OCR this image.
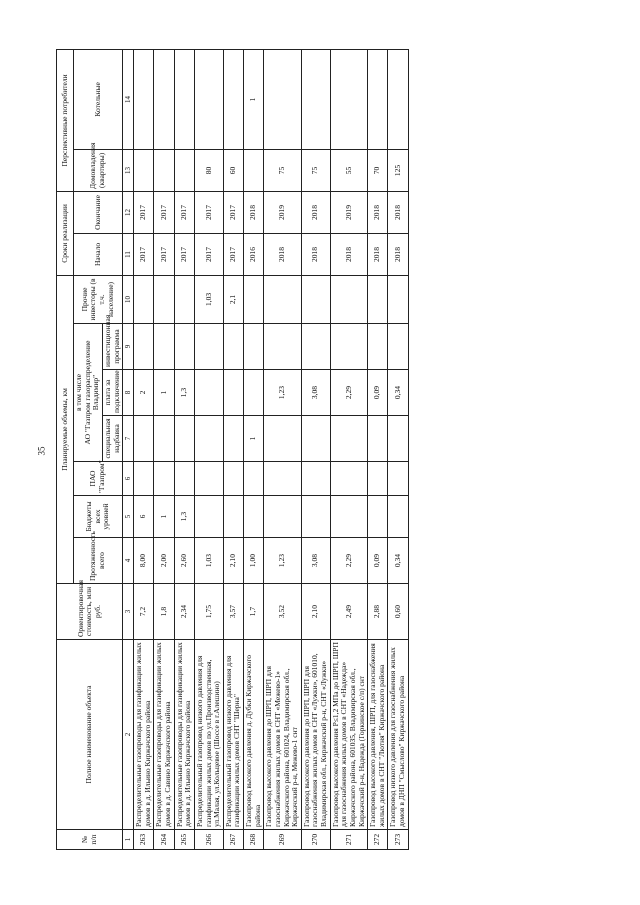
35
№ п/п	Полное наименование объекта	Ориентировочная стоимость, млн руб.	Планируемые объемы, км							Сроки реализации		Перспективные потребители	
			Протяженность всего	Бюджеты всех уровней	ПАО "Газпром"	в том числе
АО "Газпром газораспределение Владимир"			Прочие инвесторы (в т.ч. население)	Начало	Окончание	Домовладения (квартиры)	Котельные
						специальная надбавка	плата за подключение	инвестиционная программа					
1	2	3	4	5	6	7	8	9	10	11	12	13	14
263	Распределительные газопроводы для газификации жилых домов в д. Ильино Киржачского района	7,2	8,00	6			2			2017	2017		
264	Распределительные газопроводы для газификации жилых домов в д. Савино Киржачского района	1,8	2,00	1			1			2017	2017		
265	Распределительные газопроводы для газификации жилых домов в д. Ильино Киржачского района	2,34	2,60	1,3			1,3			2017	2017		
266	Распределительный газопровод низкого давления для газификации жилых домов по ул.Производственная, ул.Малая, ул.Кольцевое (Шоссе в г.Алешино)	1,75	1,03						1,03	2017	2017	80	
267	Распределительный газопровод низкого давления для газификации жилых домов СНТ "Шерна"	3,57	2,10						2,1	2017	2017	60	
268	Газопровод высокого давления д. Дубки Киржачского района	1,7	1,00			1				2016	2018		1
269	Газопровод высокого давления до ШРП, ШРП для газоснабжения жилых домов в СНТ «Межево-1» Киржачского района, 601024, Владимирская обл., Киржачский р-н, Межево-1 снт	3,52	1,23				1,23			2018	2019	75	
270	Газопровод высокого давления до ШРП, ШРП для газоснабжения жилых домов в СНТ «Лужки», 601010, Владимирская обл., Киржачский р-н, СНТ «Лужки»	2,10	3,08				3,08			2018	2018	75	
271	Газопровод высокого давления P≤1,2 МПа до ШРП, ШРП для газоснабжения жилых домов в СНТ «Надежда» Киржачского района, 601035, Владимирская обл., Киржачский р-н, Надежда (Горкинское с/п) снт	2,49	2,29				2,29			2018	2019	55	
272	Газопровод высокого давления, ШРП, для газоснабжения жилых домов в СНТ "Лютня" Киржачского района	2,88	0,09				0,09			2018	2018	70	
273	Газопровод низкого давления для газоснабжения жилых домов в ДНП "Смыслово" Киржачского района	0,60	0,34				0,34			2018	2018	125	
